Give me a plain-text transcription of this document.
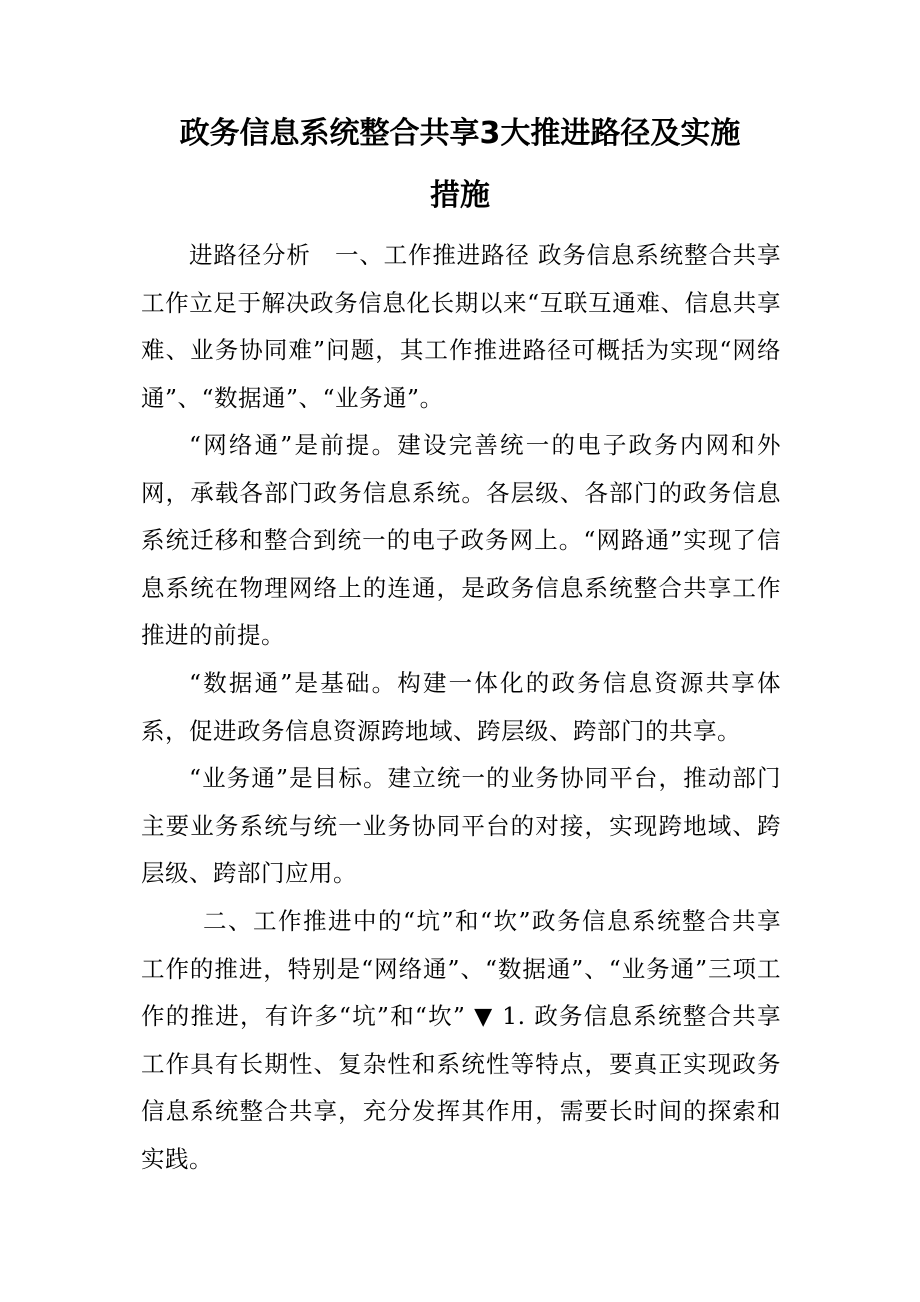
政务信息系统整合共享3大推进路径及实施
措施

进路径分析　一、工作推进路径 政务信息系统整合共享工作立足于解决政务信息化长期以来“互联互通难、信息共享难、业务协同难”问题，其工作推进路径可概括为实现“网络通”、“数据通”、“业务通”。

“网络通”是前提。建设完善统一的电子政务内网和外网，承载各部门政务信息系统。各层级、各部门的政务信息系统迁移和整合到统一的电子政务网上。“网路通”实现了信息系统在物理网络上的连通，是政务信息系统整合共享工作推进的前提。

“数据通”是基础。构建一体化的政务信息资源共享体系，促进政务信息资源跨地域、跨层级、跨部门的共享。

“业务通”是目标。建立统一的业务协同平台，推动部门主要业务系统与统一业务协同平台的对接，实现跨地域、跨层级、跨部门应用。

二、工作推进中的“坑”和“坎”政务信息系统整合共享工作的推进，特别是“网络通”、“数据通”、“业务通”三项工作的推进，有许多“坑”和“坎” ▼ 1. 政务信息系统整合共享工作具有长期性、复杂性和系统性等特点，要真正实现政务信息系统整合共享，充分发挥其作用，需要长时间的探索和实践。
